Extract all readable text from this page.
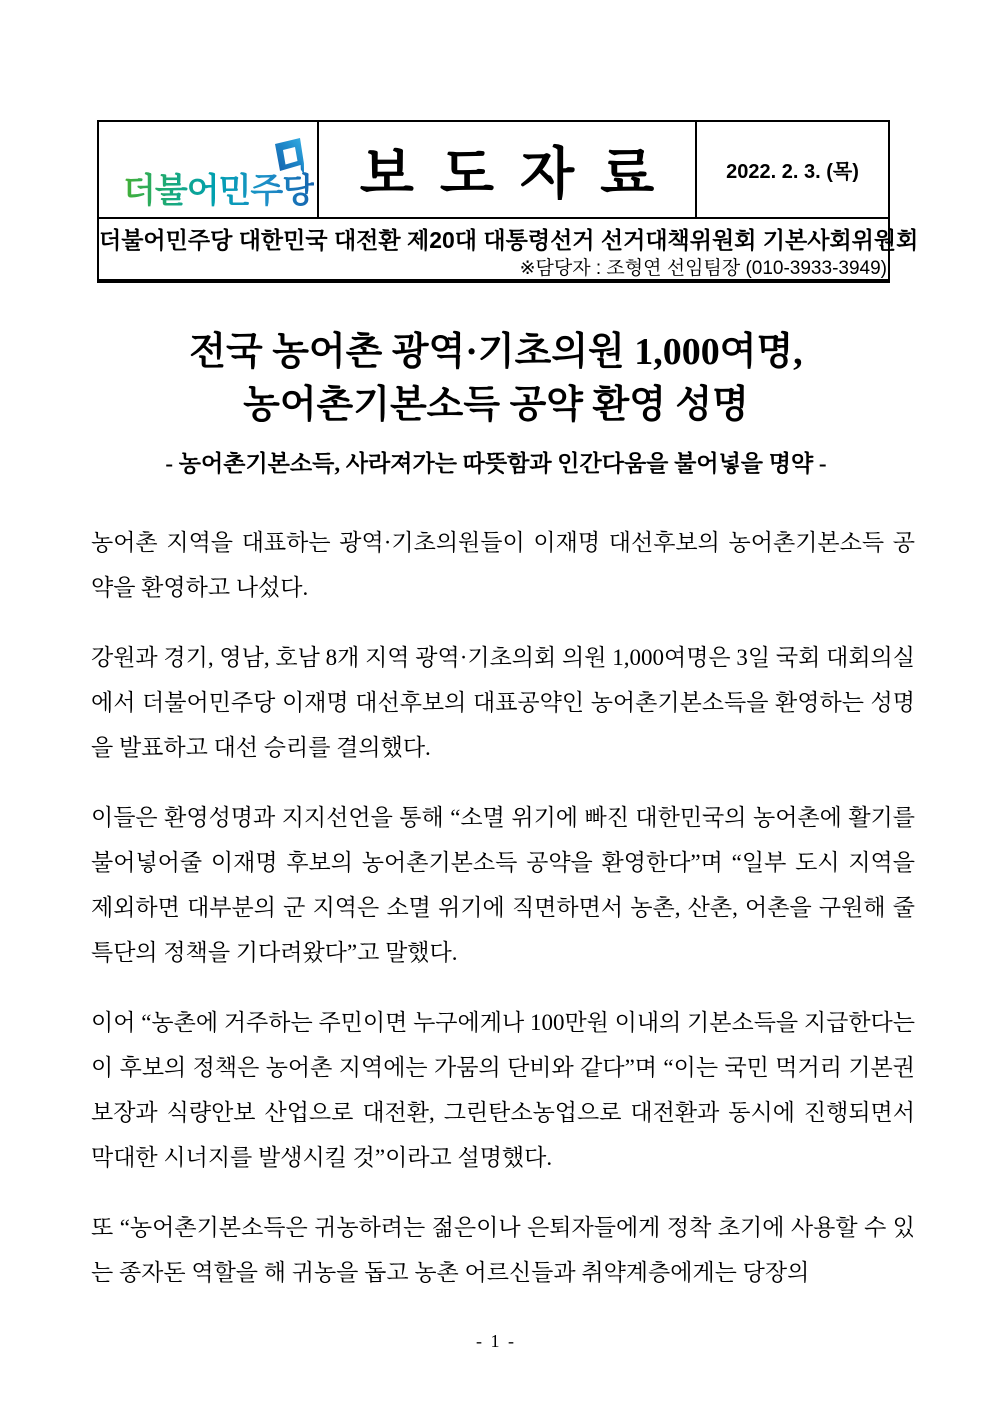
더불어민주당 보도자료 2022. 2. 3. (목)
더불어민주당 대한민국 대전환 제20대 대통령선거 선거대책위원회 기본사회위원회
※담당자 : 조형연 선임팀장 (010-3933-3949)
전국 농어촌 광역·기초의원 1,000여명,
농어촌기본소득 공약 환영 성명
- 농어촌기본소득, 사라져가는 따뜻함과 인간다움을 불어넣을 명약 -

농어촌 지역을 대표하는 광역·기초의원들이 이재명 대선후보의 농어촌기본소득 공약을 환영하고 나섰다.

강원과 경기, 영남, 호남 8개 지역 광역·기초의회 의원 1,000여명은 3일 국회 대회의실에서 더불어민주당 이재명 대선후보의 대표공약인 농어촌기본소득을 환영하는 성명을 발표하고 대선 승리를 결의했다.

이들은 환영성명과 지지선언을 통해 “소멸 위기에 빠진 대한민국의 농어촌에 활기를 불어넣어줄 이재명 후보의 농어촌기본소득 공약을 환영한다”며 “일부 도시 지역을 제외하면 대부분의 군 지역은 소멸 위기에 직면하면서 농촌, 산촌, 어촌을 구원해 줄 특단의 정책을 기다려왔다”고 말했다.

이어 “농촌에 거주하는 주민이면 누구에게나 100만원 이내의 기본소득을 지급한다는 이 후보의 정책은 농어촌 지역에는 가뭄의 단비와 같다”며 “이는 국민 먹거리 기본권 보장과 식량안보 산업으로 대전환, 그린탄소농업으로 대전환과 동시에 진행되면서 막대한 시너지를 발생시킬 것”이라고 설명했다.

또 “농어촌기본소득은 귀농하려는 젊은이나 은퇴자들에게 정착 초기에 사용할 수 있는 종자돈 역할을 해 귀농을 돕고 농촌 어르신들과 취약계층에게는 당장의

- 1 -
